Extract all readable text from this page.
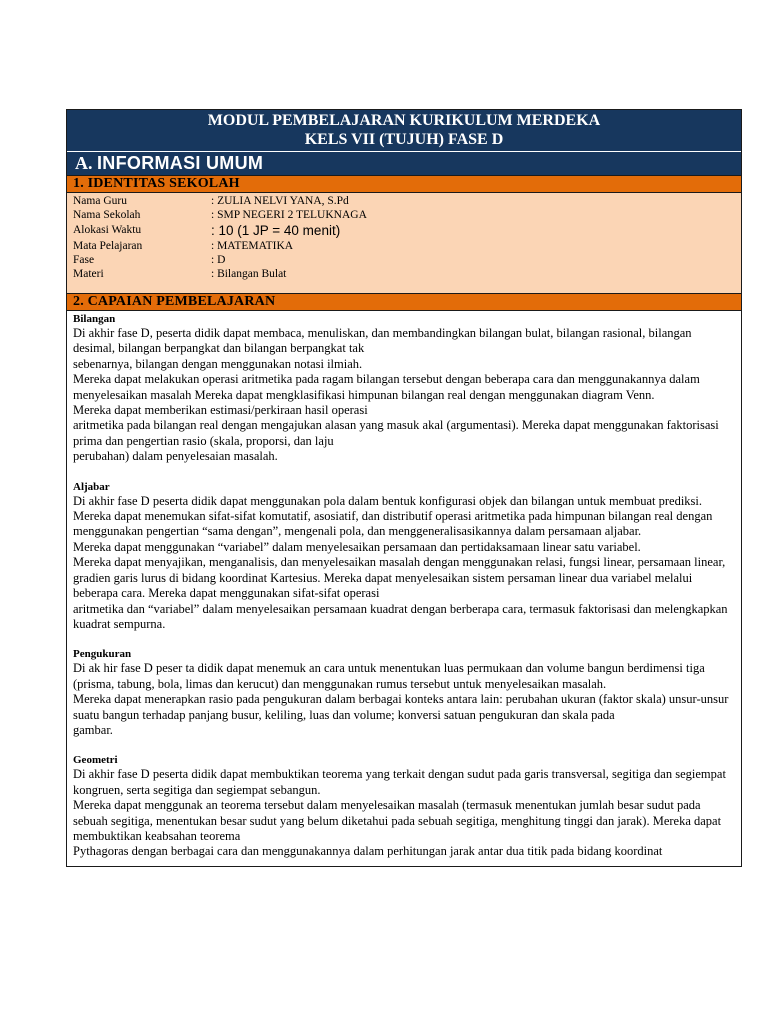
MODUL PEMBELAJARAN KURIKULUM MERDEKA
KELS VII (TUJUH) FASE D
A. INFORMASI UMUM
1. IDENTITAS SEKOLAH
Nama Guru	: ZULIA NELVI YANA, S.Pd
Nama Sekolah	: SMP NEGERI 2 TELUKNAGA
Alokasi Waktu	: 10 (1 JP = 40 menit)
Mata Pelajaran	: MATEMATIKA
Fase	: D
Materi	: Bilangan Bulat
2. CAPAIAN PEMBELAJARAN
Bilangan

Di akhir fase D, peserta didik dapat membaca, menuliskan, dan membandingkan bilangan bulat, bilangan rasional, bilangan desimal, bilangan berpangkat dan bilangan berpangkat tak

sebenarnya, bilangan dengan menggunakan notasi ilmiah.

Mereka dapat melakukan operasi aritmetika pada ragam bilangan tersebut dengan beberapa cara dan menggunakannya dalam menyelesaikan masalah Mereka dapat mengklasifikasi himpunan bilangan real dengan menggunakan diagram Venn.

Mereka dapat memberikan estimasi/perkiraan hasil operasi

aritmetika pada bilangan real dengan mengajukan alasan yang masuk akal (argumentasi). Mereka dapat menggunakan faktorisasi prima dan pengertian rasio (skala, proporsi, dan laju

perubahan) dalam penyelesaian masalah.

Aljabar

Di akhir fase D peserta didik dapat menggunakan pola dalam bentuk konfigurasi objek dan bilangan untuk membuat prediksi.

Mereka dapat menemukan sifat-sifat komutatif, asosiatif, dan distributif operasi aritmetika pada himpunan bilangan real dengan menggunakan pengertian “sama dengan”, mengenali pola, dan menggeneralisasikannya dalam persamaan aljabar.

Mereka dapat menggunakan “variabel” dalam menyelesaikan persamaan dan pertidaksamaan linear satu variabel.

Mereka dapat menyajikan, menganalisis, dan menyelesaikan masalah dengan menggunakan relasi, fungsi linear, persamaan linear, gradien garis lurus di bidang koordinat Kartesius. Mereka dapat menyelesaikan sistem persaman linear dua variabel melalui beberapa cara. Mereka dapat menggunakan sifat-sifat operasi

aritmetika dan “variabel” dalam menyelesaikan persamaan kuadrat dengan berberapa cara, termasuk faktorisasi dan melengkapkan kuadrat sempurna.

Pengukuran

Di ak hir fase D peser ta didik dapat menemuk an cara untuk menentukan luas permukaan dan volume bangun berdimensi tiga (prisma, tabung, bola, limas dan kerucut) dan menggunakan rumus tersebut untuk menyelesaikan masalah.

Mereka dapat menerapkan rasio pada pengukuran dalam berbagai konteks antara lain: perubahan ukuran (faktor skala) unsur-unsur suatu bangun terhadap panjang busur, keliling, luas dan volume; konversi satuan pengukuran dan skala pada

gambar.

Geometri

Di akhir fase D peserta didik dapat membuktikan teorema yang terkait dengan sudut pada garis transversal, segitiga dan segiempat kongruen, serta segitiga dan segiempat sebangun.

Mereka dapat menggunak an teorema tersebut dalam menyelesaikan masalah (termasuk menentukan jumlah besar sudut pada sebuah segitiga, menentukan besar sudut yang belum diketahui pada sebuah segitiga, menghitung tinggi dan jarak). Mereka dapat membuktikan keabsahan teorema

Pythagoras dengan berbagai cara dan menggunakannya dalam perhitungan jarak antar dua titik pada bidang koordinat
